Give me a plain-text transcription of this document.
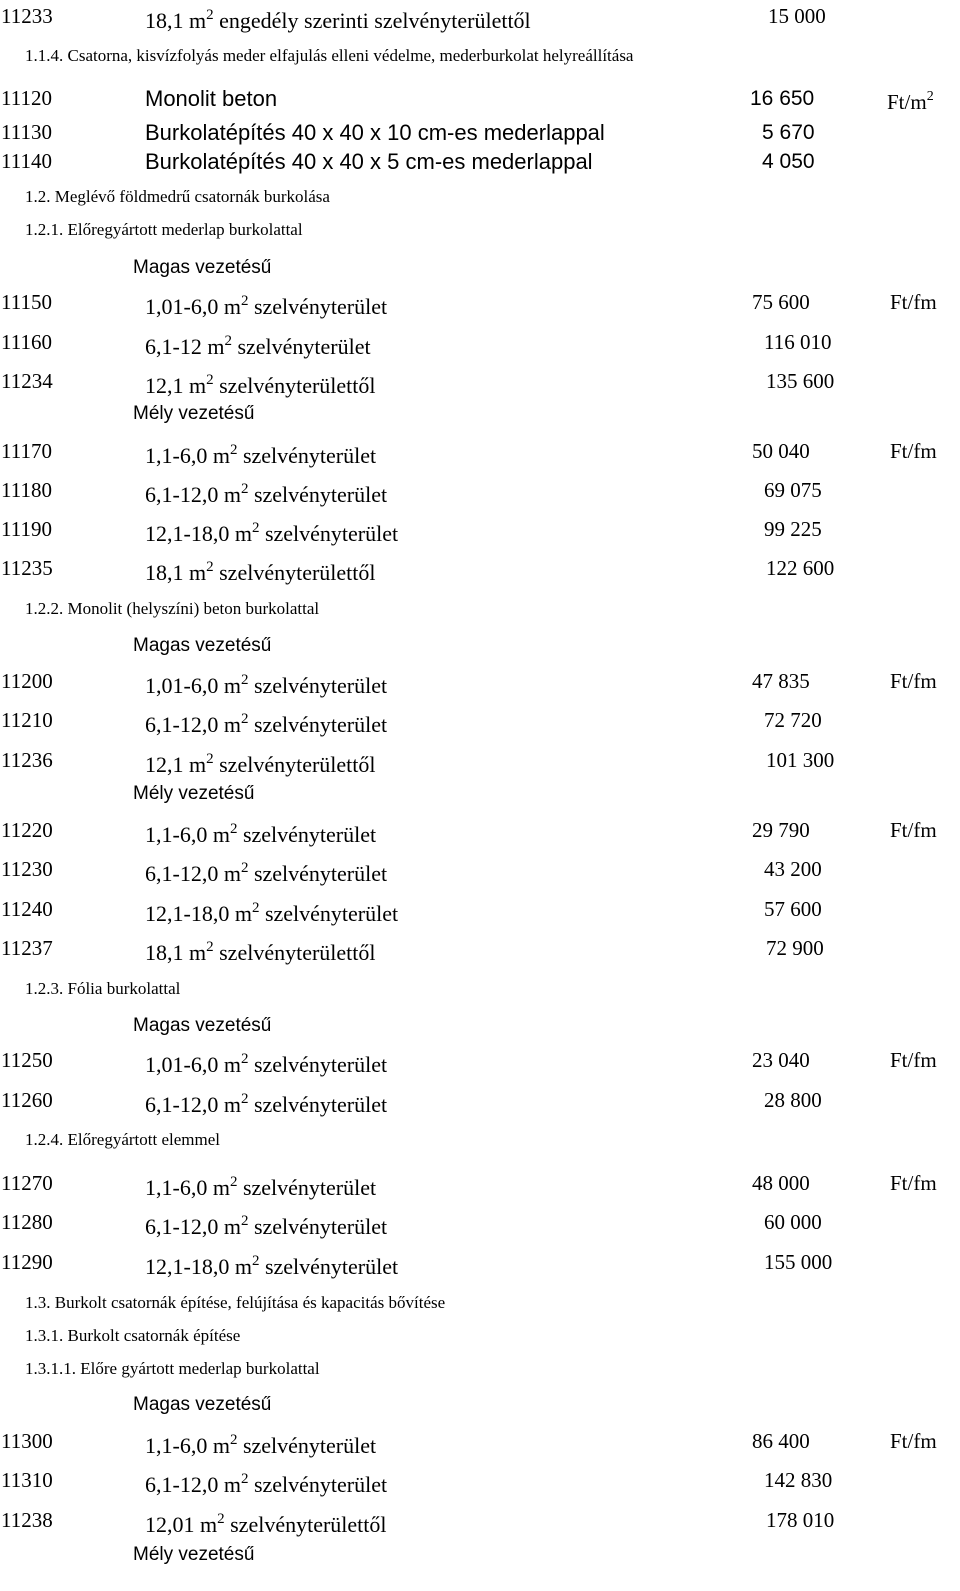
11233	18,1 $m^2$ engedély szerinti szelvényterülettől	15 000
1.1.4. Csatorna, kisvízfolyás meder elfajulás elleni védelme, mederburkolat helyreállítása
11120	Monolit beton	16 650	$Ft/m^2$
11130	Burkolatépítés 40 x 40 x 10 cm-es mederlappal	5 670
11140	Burkolatépítés 40 x 40 x 5 cm-es mederlappal	4 050
1.2. Meglévő földmedrű csatornák burkolása
1.2.1. Előregyártott mederlap burkolattal
Magas vezetésű
11150	1,01-6,0 $m^2$ szelvényterület	75 600	Ft/fm
11160	6,1-12 $m^2$ szelvényterület	116 010
11234	12,1 $m^2$ szelvényterülettől	135 600
Mély vezetésű
11170	1,1-6,0 $m^2$ szelvényterület	50 040	Ft/fm
11180	6,1-12,0 $m^2$ szelvényterület	69 075
11190	12,1-18,0 $m^2$ szelvényterület	99 225
11235	18,1 $m^2$ szelvényterülettől	122 600
1.2.2. Monolit (helyszíni) beton burkolattal
Magas vezetésű
11200	1,01-6,0 $m^2$ szelvényterület	47 835	Ft/fm
11210	6,1-12,0 $m^2$ szelvényterület	72 720
11236	12,1 $m^2$ szelvényterülettől	101 300
Mély vezetésű
11220	1,1-6,0 $m^2$ szelvényterület	29 790	Ft/fm
11230	6,1-12,0 $m^2$ szelvényterület	43 200
11240	12,1-18,0 $m^2$ szelvényterület	57 600
11237	18,1 $m^2$ szelvényterülettől	72 900
1.2.3. Fólia burkolattal
Magas vezetésű
11250	1,01-6,0 $m^2$ szelvényterület	23 040	Ft/fm
11260	6,1-12,0 $m^2$ szelvényterület	28 800
1.2.4. Előregyártott elemmel
11270	1,1-6,0 $m^2$ szelvényterület	48 000	Ft/fm
11280	6,1-12,0 $m^2$ szelvényterület	60 000
11290	12,1-18,0 $m^2$ szelvényterület	155 000
1.3. Burkolt csatornák építése, felújítása és kapacitás bővítése
1.3.1. Burkolt csatornák építése
1.3.1.1. Előre gyártott mederlap burkolattal
Magas vezetésű
11300	1,1-6,0 $m^2$ szelvényterület	86 400	Ft/fm
11310	6,1-12,0 $m^2$ szelvényterület	142 830
11238	12,01 $m^2$ szelvényterülettől	178 010
Mély vezetésű
